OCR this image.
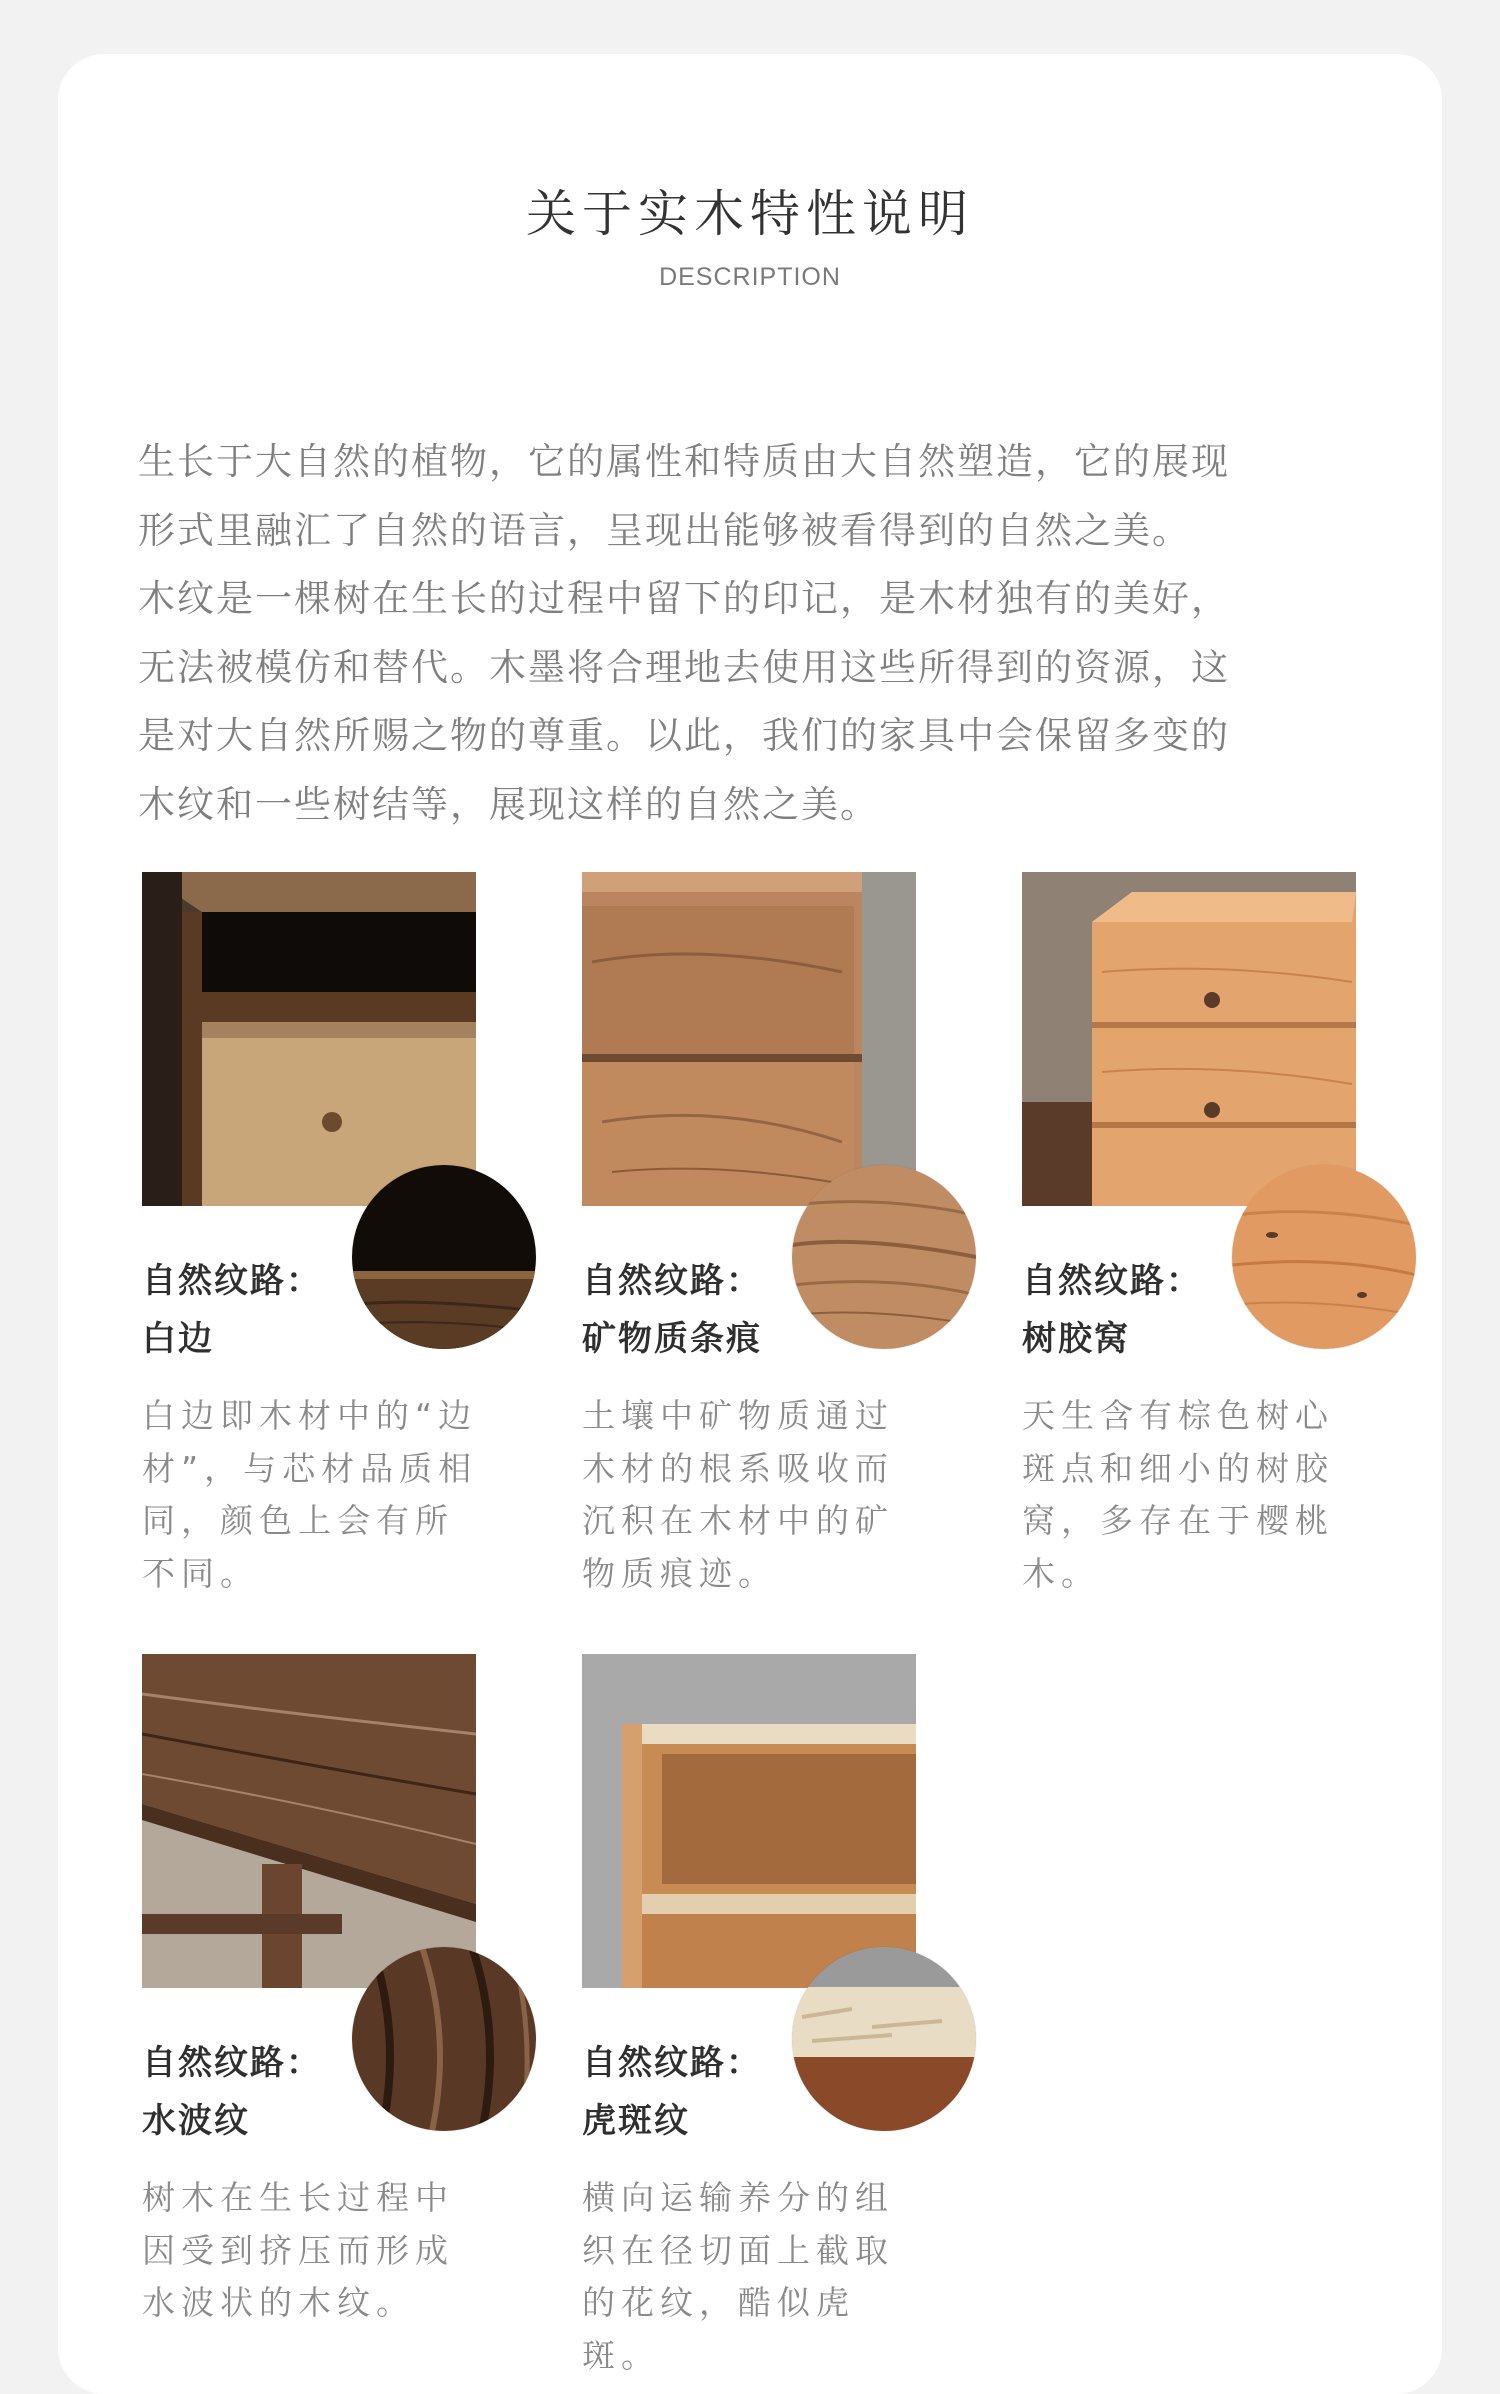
关于实木特性说明
DESCRIPTION

生长于大自然的植物，它的属性和特质由大自然塑造，它的展现

形式里融汇了自然的语言，呈现出能够被看得到的自然之美。

木纹是一棵树在生长的过程中留下的印记，是木材独有的美好，

无法被模仿和替代。木墨将合理地去使用这些所得到的资源，这

是对大自然所赐之物的尊重。以此，我们的家具中会保留多变的

木纹和一些树结等，展现这样的自然之美。

自然纹路：
白边
白边即木材中的“边材”，与芯材品质相同，颜色上会有所不同。
自然纹路：
矿物质条痕
土壤中矿物质通过木材的根系吸收而沉积在木材中的矿物质痕迹。
自然纹路：
树胶窝
天生含有棕色树心斑点和细小的树胶窝，多存在于樱桃木。
自然纹路：
水波纹
树木在生长过程中因受到挤压而形成水波状的木纹。
自然纹路：
虎斑纹
横向运输养分的组织在径切面上截取的花纹，酷似虎斑。
